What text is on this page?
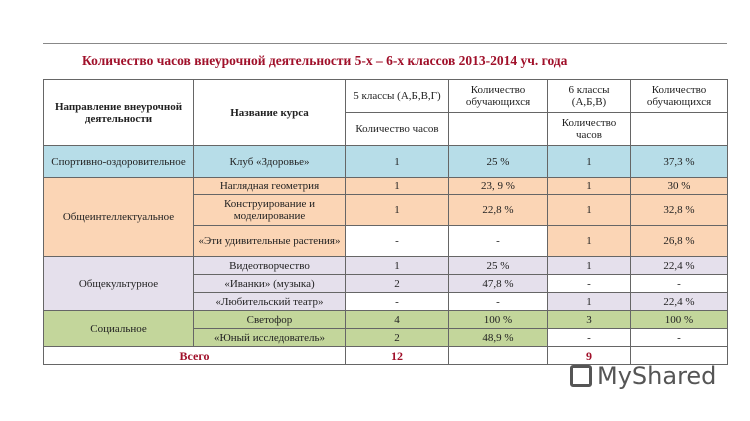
Количество часов внеурочной деятельности 5-х – 6-х классов 2013-2014 уч. года
Направление внеурочной деятельности	Название курса	5 классы (А,Б,В,Г)	Количество обучающихся	6 классы (А,Б,В)	Количество обучающихся
		Количество часов		Количество часов	
Спортивно-оздоровительное	Клуб «Здоровье»	1	25 %	1	37,3 %
Общеинтеллектуальное	Наглядная геометрия	1	23, 9 %	1	30 %
	Конструирование и моделирование	1	22,8 %	1	32,8 %
	«Эти удивительные растения»	-	-	1	26,8 %
Общекультурное	Видеотворчество	1	25 %	1	22,4 %
	«Иванки» (музыка)	2	47,8 %	-	-
	«Любительский театр»	-	-	1	22,4 %
Социальное	Светофор	4	100 %	3	100 %
	«Юный исследователь»	2	48,9 %	-	-
Всего		12		9	
MyShared
